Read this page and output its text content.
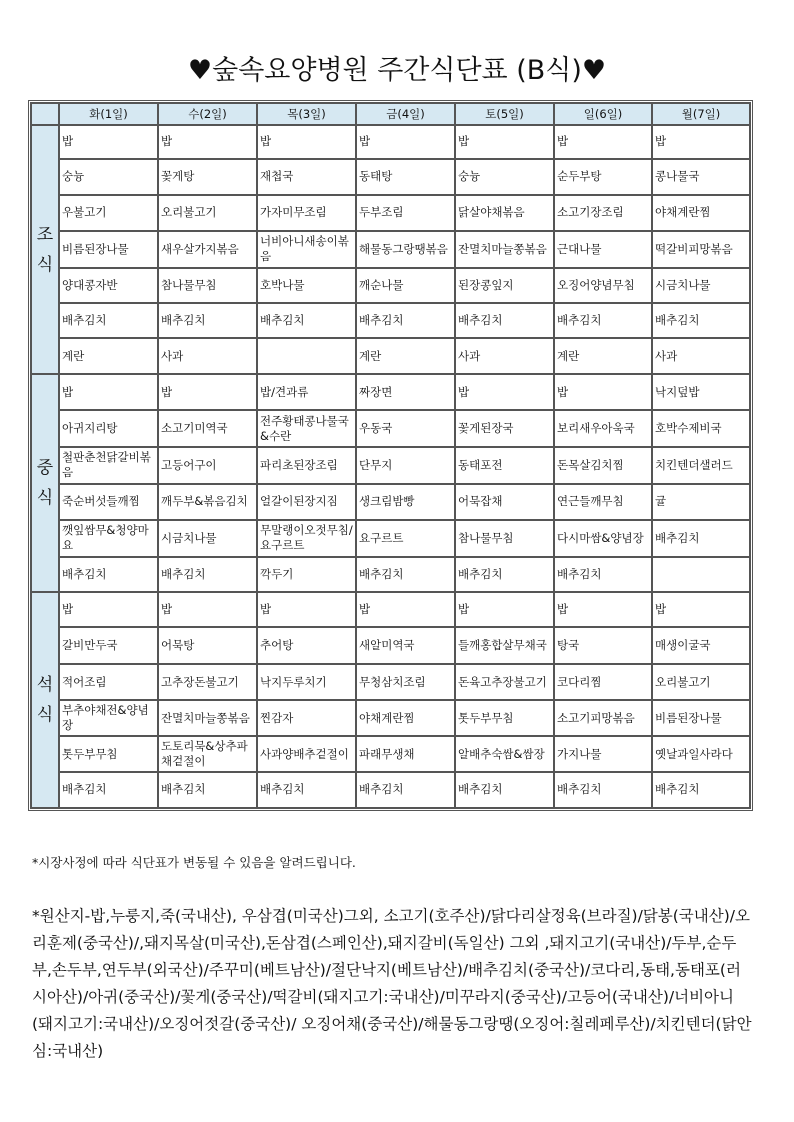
♥숲속요양병원 주간식단표 (B식)♥
	화(1일)	수(2일)	목(3일)	금(4일)	토(5일)	일(6일)	월(7일)

조
식	밥	밥	밥	밥	밥	밥	밥
	숭늉	꽃게탕	재첩국	동태탕	숭늉	순두부탕	콩나물국
	우불고기	오리불고기	가자미무조림	두부조림	닭살야채볶음	소고기장조림	야채계란찜
	비름된장나물	새우살가지볶음	너비아니새송이볶음	해물동그랑땡볶음	잔멸치마늘쫑볶음	근대나물	떡갈비피망볶음
	양대콩자반	참나물무침	호박나물	깨순나물	된장콩잎지	오징어양념무침	시금치나물
	배추김치	배추김치	배추김치	배추김치	배추김치	배추김치	배추김치
	계란	사과		계란	사과	계란	사과

중
식	밥	밥	밥/견과류	짜장면	밥	밥	낙지덮밥
	아귀지리탕	소고기미역국	전주황태콩나물국&수란	우동국	꽃게된장국	보리새우아욱국	호박수제비국
	철판춘천닭갈비볶음	고등어구이	파리초된장조림	단무지	동태포전	돈목살김치찜	치킨텐더샐러드
	죽순버섯들깨찜	깨두부&볶음김치	얼갈이된장지짐	생크림밤빵	어묵잡채	연근들깨무침	귤
	깻잎쌈무&청양마요	시금치나물	무말랭이오젓무침/요구르트	요구르트	참나물무침	다시마쌈&양념장	배추김치
	배추김치	배추김치	깍두기	배추김치	배추김치	배추김치	

석
식	밥	밥	밥	밥	밥	밥	밥
	갈비만두국	어묵탕	추어탕	새알미역국	들깨홍합살무채국	탕국	매생이굴국
	적어조림	고추장돈불고기	낙지두루치기	무청삼치조림	돈육고추장불고기	코다리찜	오리불고기
	부추야채전&양념장	잔멸치마늘쫑볶음	찐감자	야채계란찜	톳두부무침	소고기피망볶음	비름된장나물
	톳두부무침	도토리묵&상추파채겉절이	사과양배추겉절이	파래무생채	알배추숙쌈&쌈장	가지나물	옛날과일사라다
	배추김치	배추김치	배추김치	배추김치	배추김치	배추김치	배추김치
*시장사정에 따라 식단표가 변동될 수 있음을 알려드립니다.
*원산지-밥,누룽지,죽(국내산), 우삼겹(미국산)그외, 소고기(호주산)/닭다리살정육(브라질)/닭봉(국내산)/오리훈제(중국산)/,돼지목살(미국산),돈삼겹(스페인산),돼지갈비(독일산) 그외 ,돼지고기(국내산)/두부,순두부,손두부,연두부(외국산)/주꾸미(베트남산)/절단낙지(베트남산)/배추김치(중국산)/코다리,동태,동태포(러시아산)/아귀(중국산)/꽃게(중국산)/떡갈비(돼지고기:국내산)/미꾸라지(중국산)/고등어(국내산)/너비아니(돼지고기:국내산)/오징어젓갈(중국산)/ 오징어채(중국산)/해물동그랑땡(오징어:칠레페루산)/치킨텐더(닭안심:국내산)
